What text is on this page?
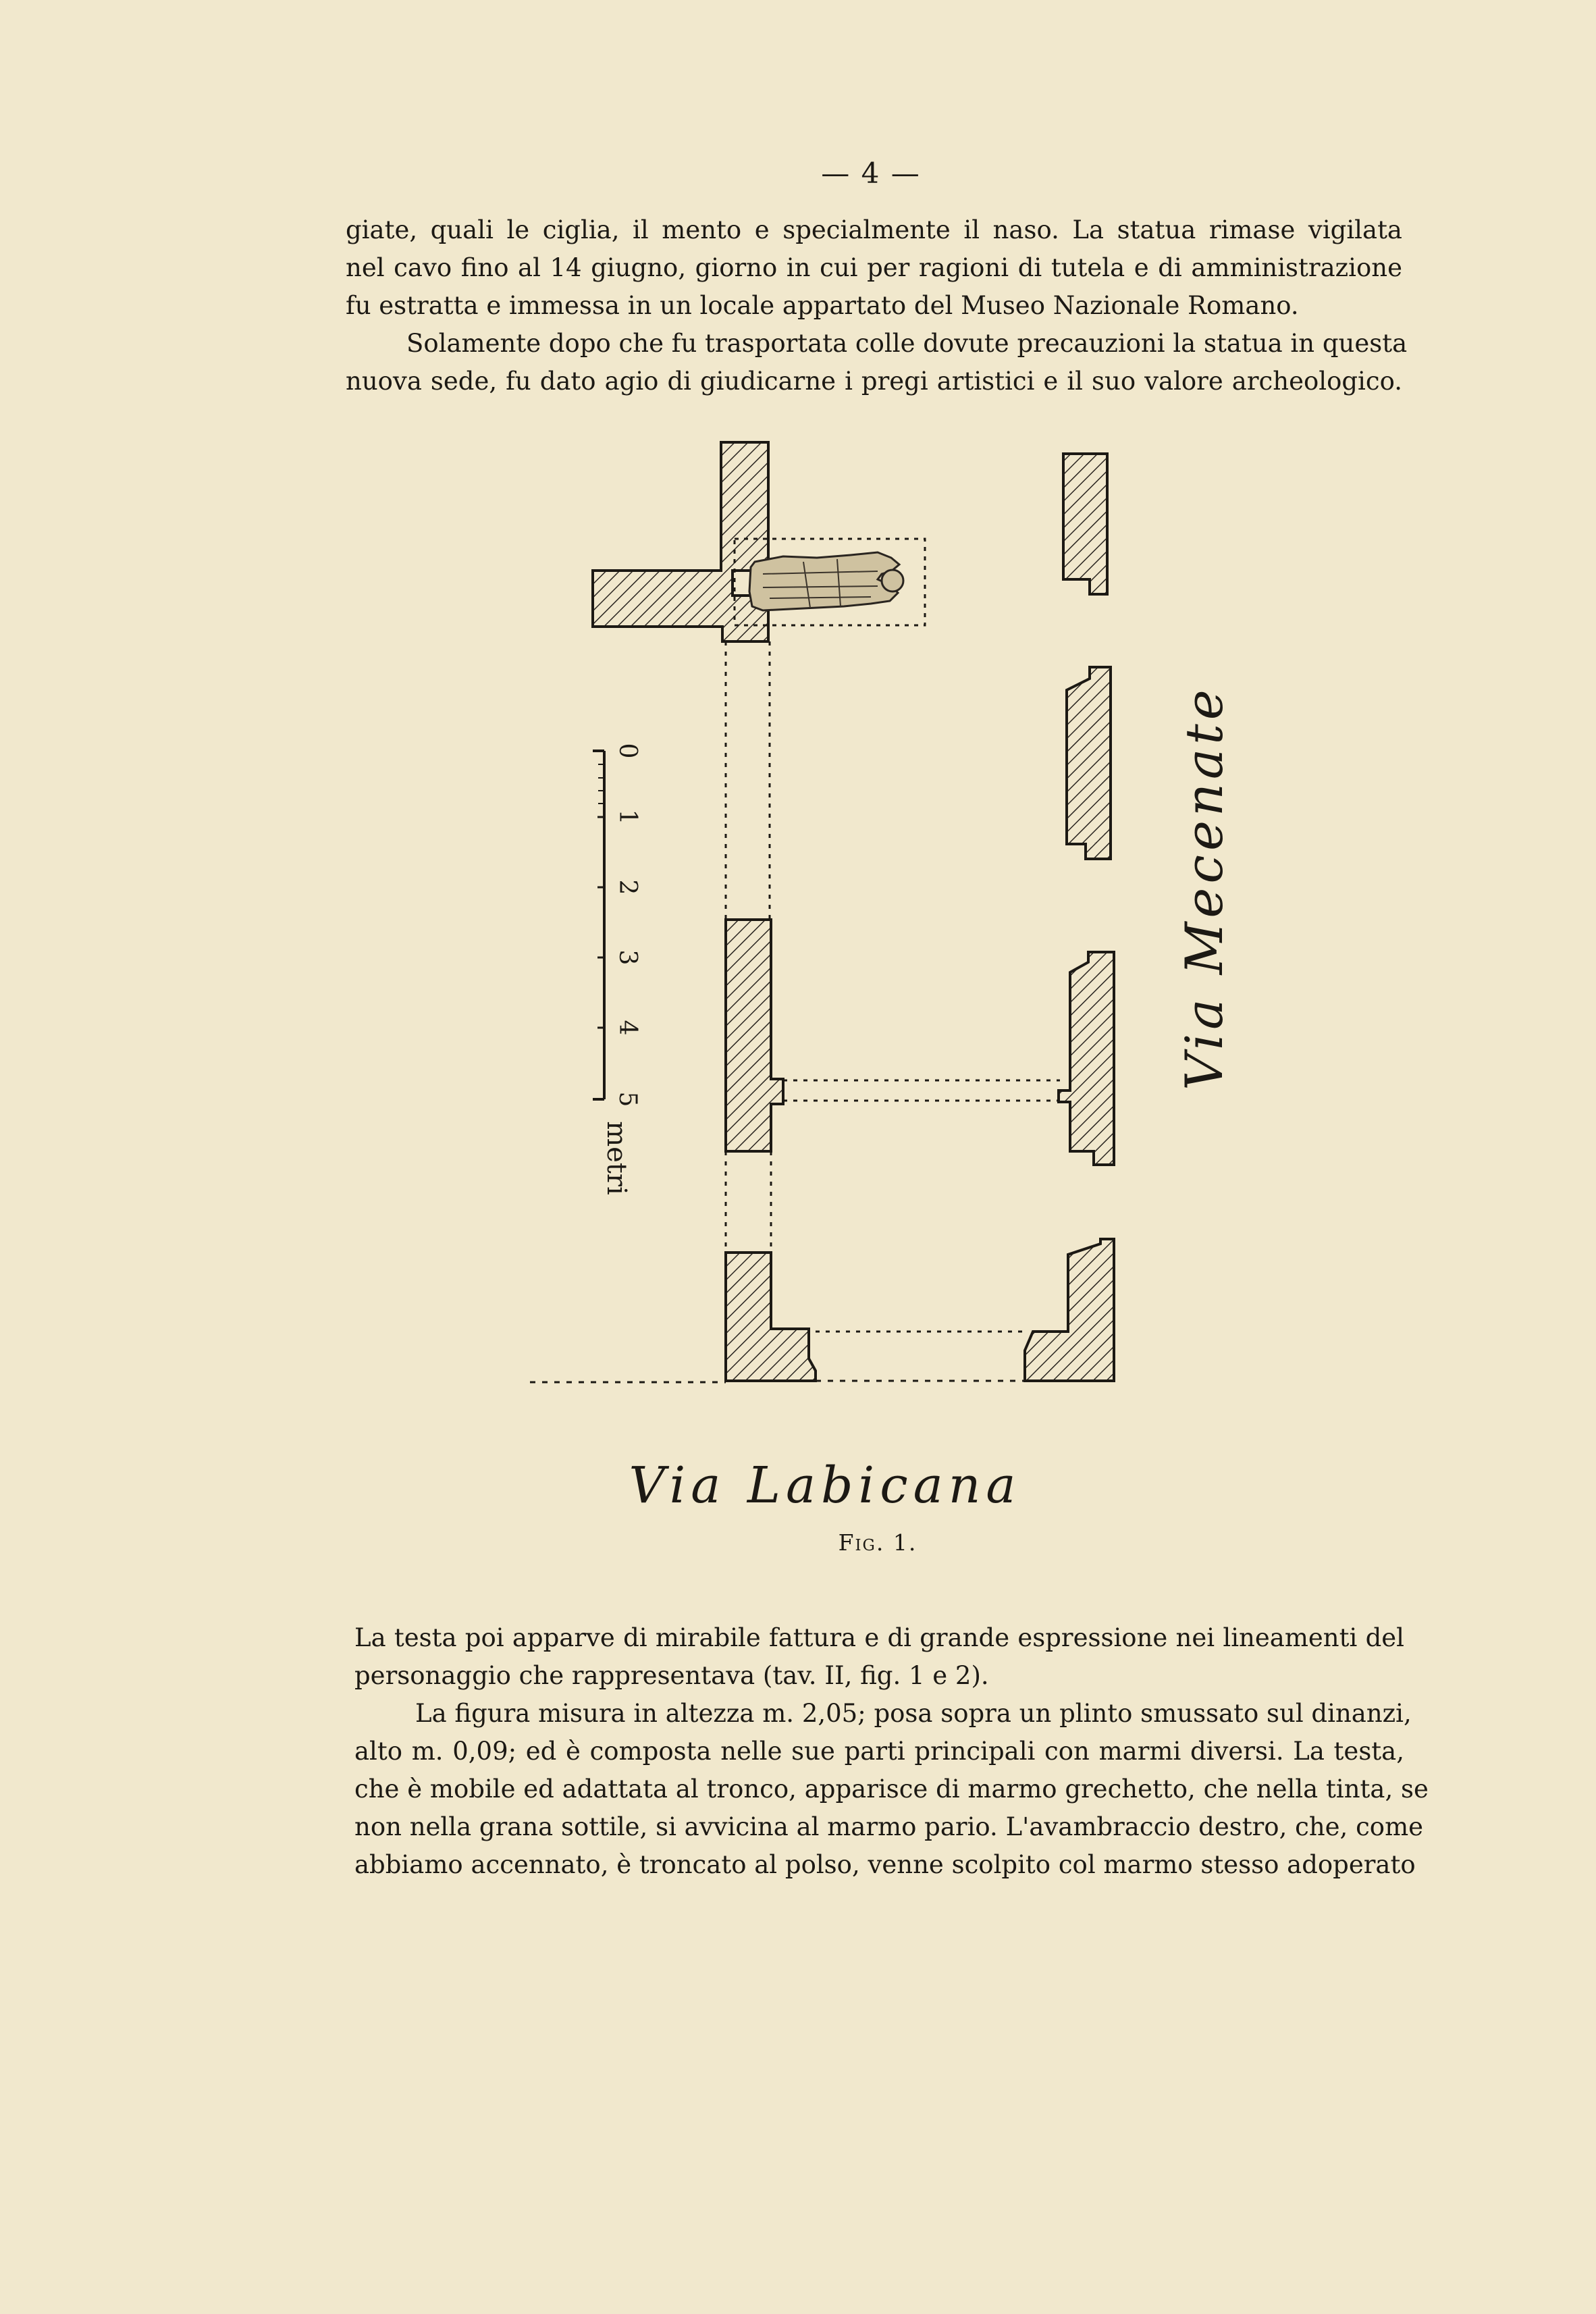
— 4 —
giate, quali le ciglia, il mento e specialmente il naso. La statua rimase vigilata
nel cavo fino al 14 giugno, giorno in cui per ragioni di tutela e di amministrazione
fu estratta e immessa in un locale appartato del Museo Nazionale Romano.
Solamente dopo che fu trasportata colle dovute precauzioni la statua in questa
nuova sede, fu dato agio di giudicarne i pregi artistici e il suo valore archeologico.
0
1
2
3
4
5
metri
Via Mecenate
Via Labicana
Fig. 1.
La testa poi apparve di mirabile fattura e di grande espressione nei lineamenti del
personaggio che rappresentava (tav. II, fig. 1 e 2).
La figura misura in altezza m. 2,05; posa sopra un plinto smussato sul dinanzi,
alto m. 0,09; ed è composta nelle sue parti principali con marmi diversi. La testa,
che è mobile ed adattata al tronco, apparisce di marmo grechetto, che nella tinta, se
non nella grana sottile, si avvicina al marmo pario. L'avambraccio destro, che, come
abbiamo accennato, è troncato al polso, venne scolpito col marmo stesso adoperato
